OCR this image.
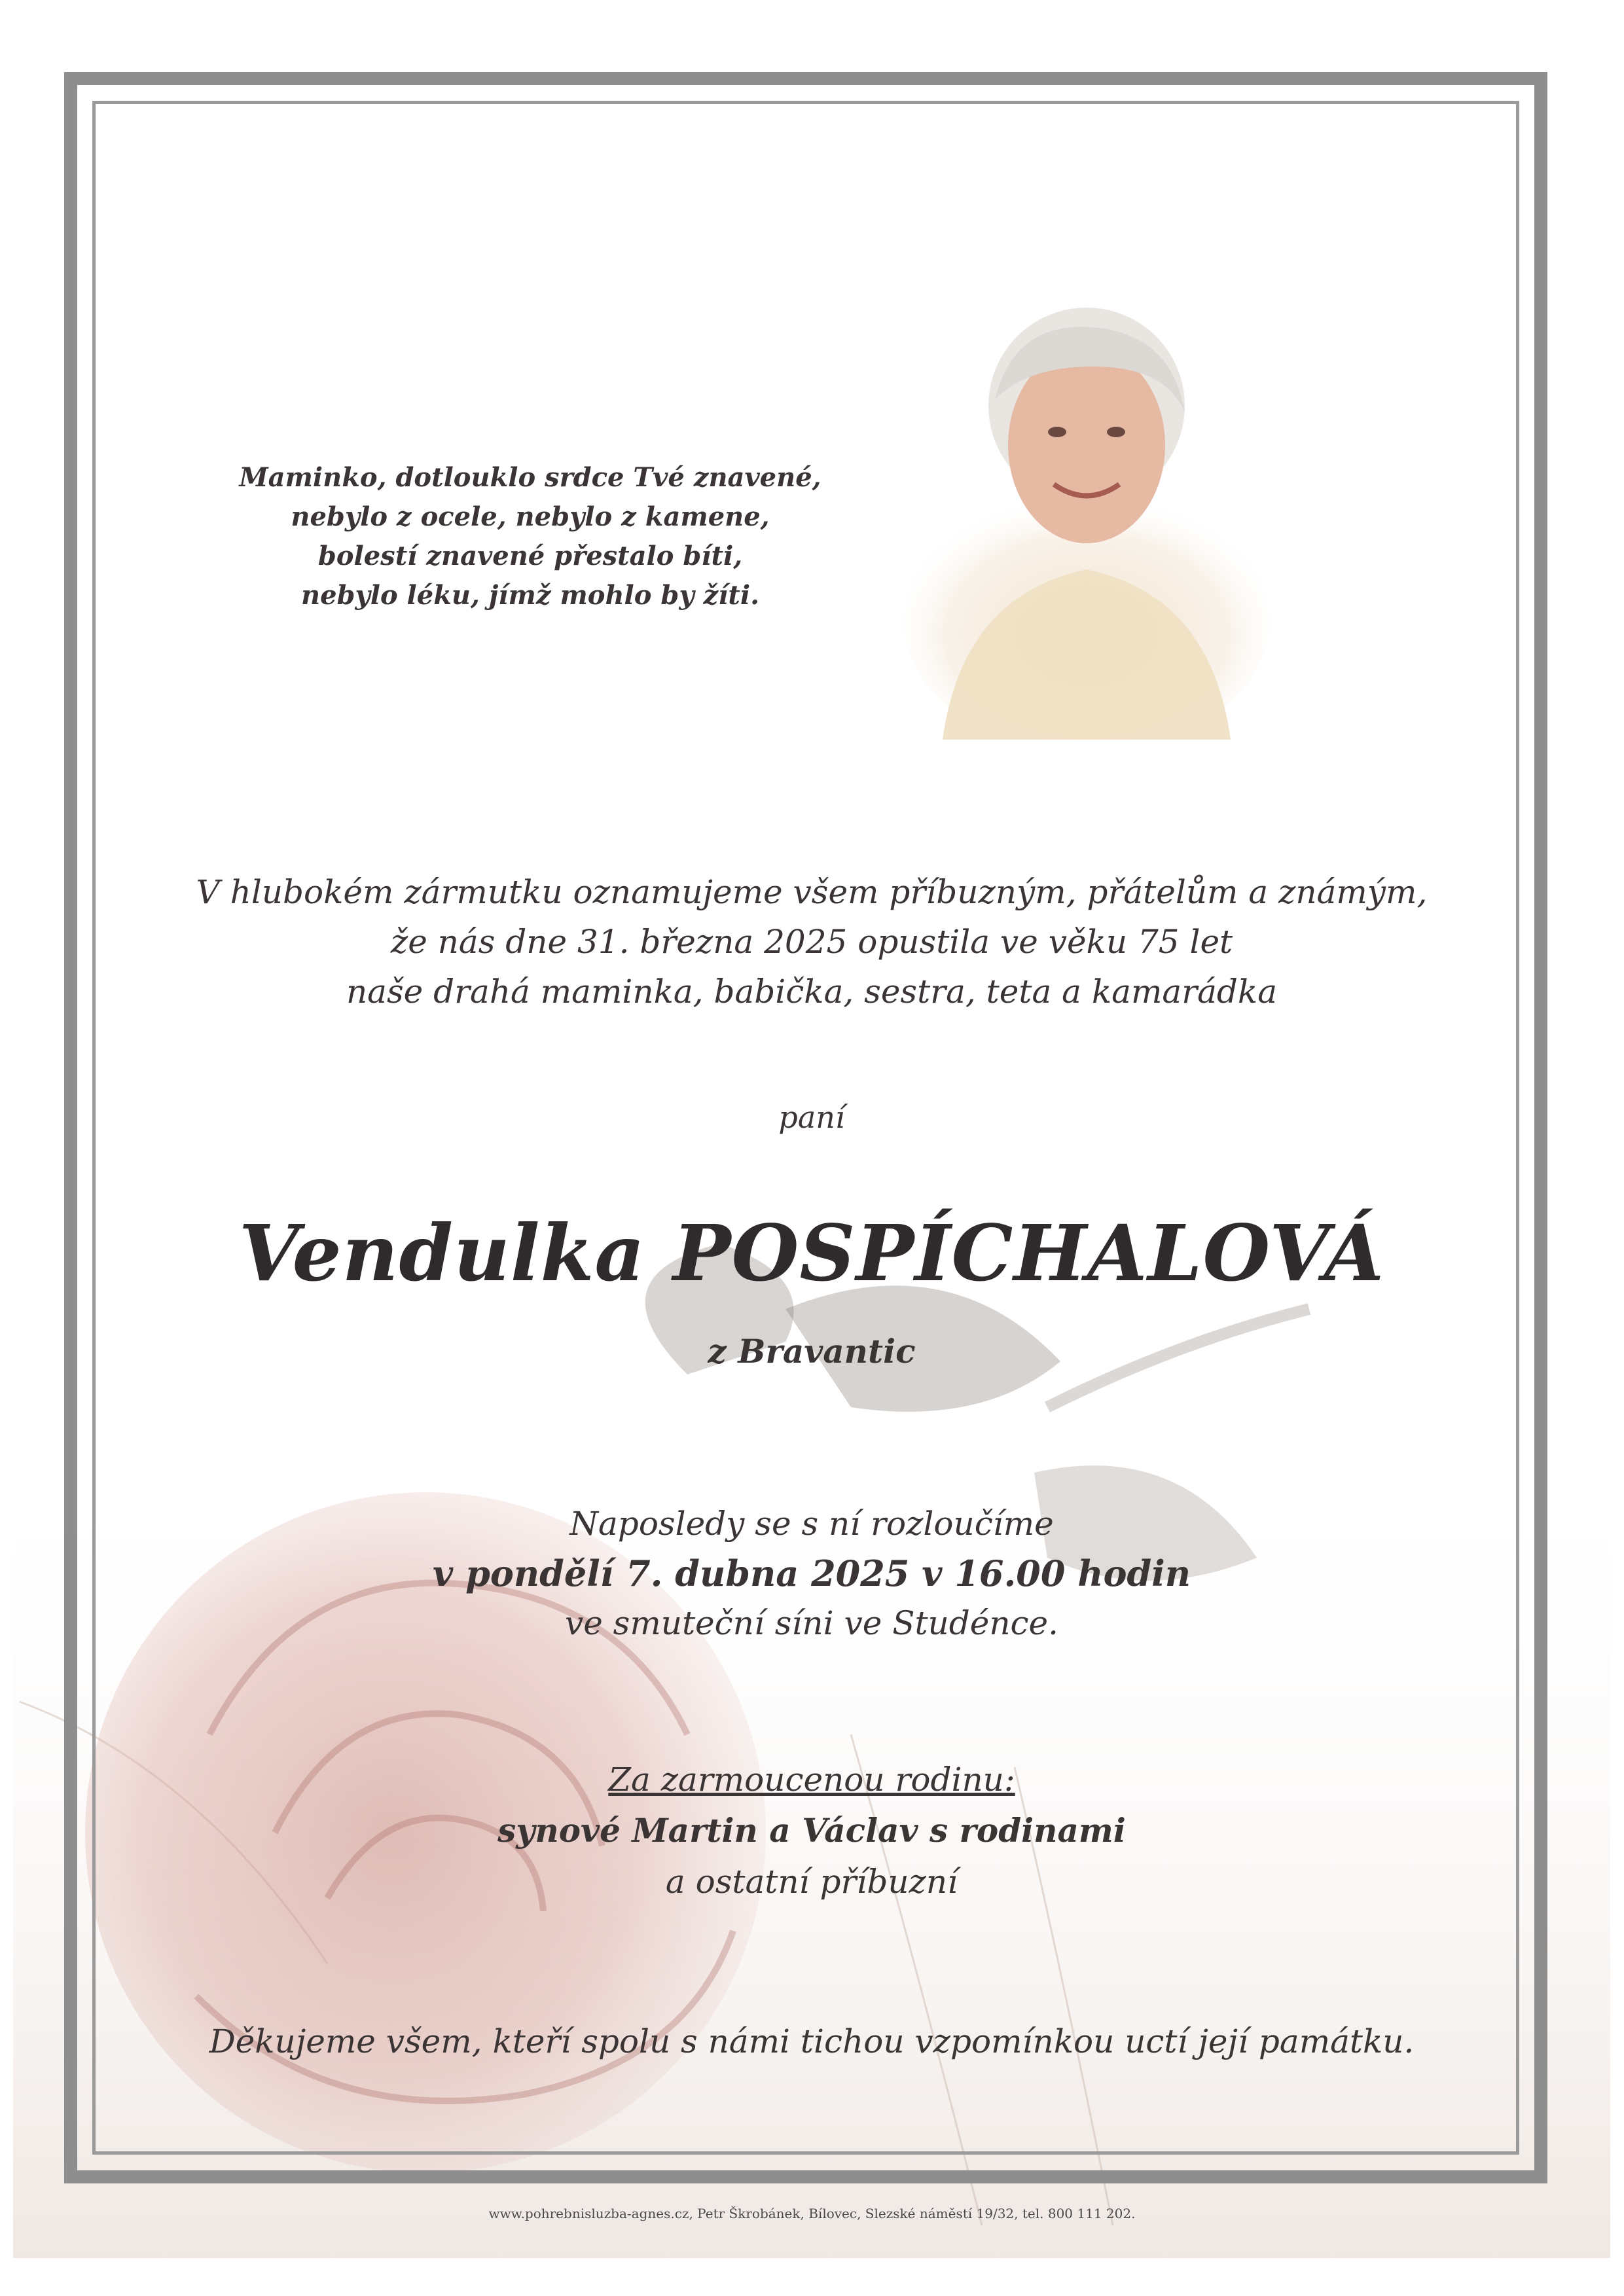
Maminko, dotlouklo srdce Tvé znavené,
nebylo z ocele, nebylo z kamene,
bolestí znavené přestalo bíti,
nebylo léku, jímž mohlo by žíti.
V hlubokém zármutku oznamujeme všem příbuzným, přátelům a známým,
že nás dne 31. března 2025 opustila ve věku 75 let
naše drahá maminka, babička, sestra, teta a kamarádka
paní
Vendulka POSPÍCHALOVÁ
z Bravantic
Naposledy se s ní rozloučíme
v pondělí 7. dubna 2025 v 16.00 hodin
ve smuteční síni ve Studénce.
Za zarmoucenou rodinu:
synové Martin a Václav s rodinami
a ostatní příbuzní
Děkujeme všem, kteří spolu s námi tichou vzpomínkou uctí její památku.
www.pohrebnisluzba-agnes.cz, Petr Škrobánek, Bílovec, Slezské náměstí 19/32, tel. 800 111 202.
